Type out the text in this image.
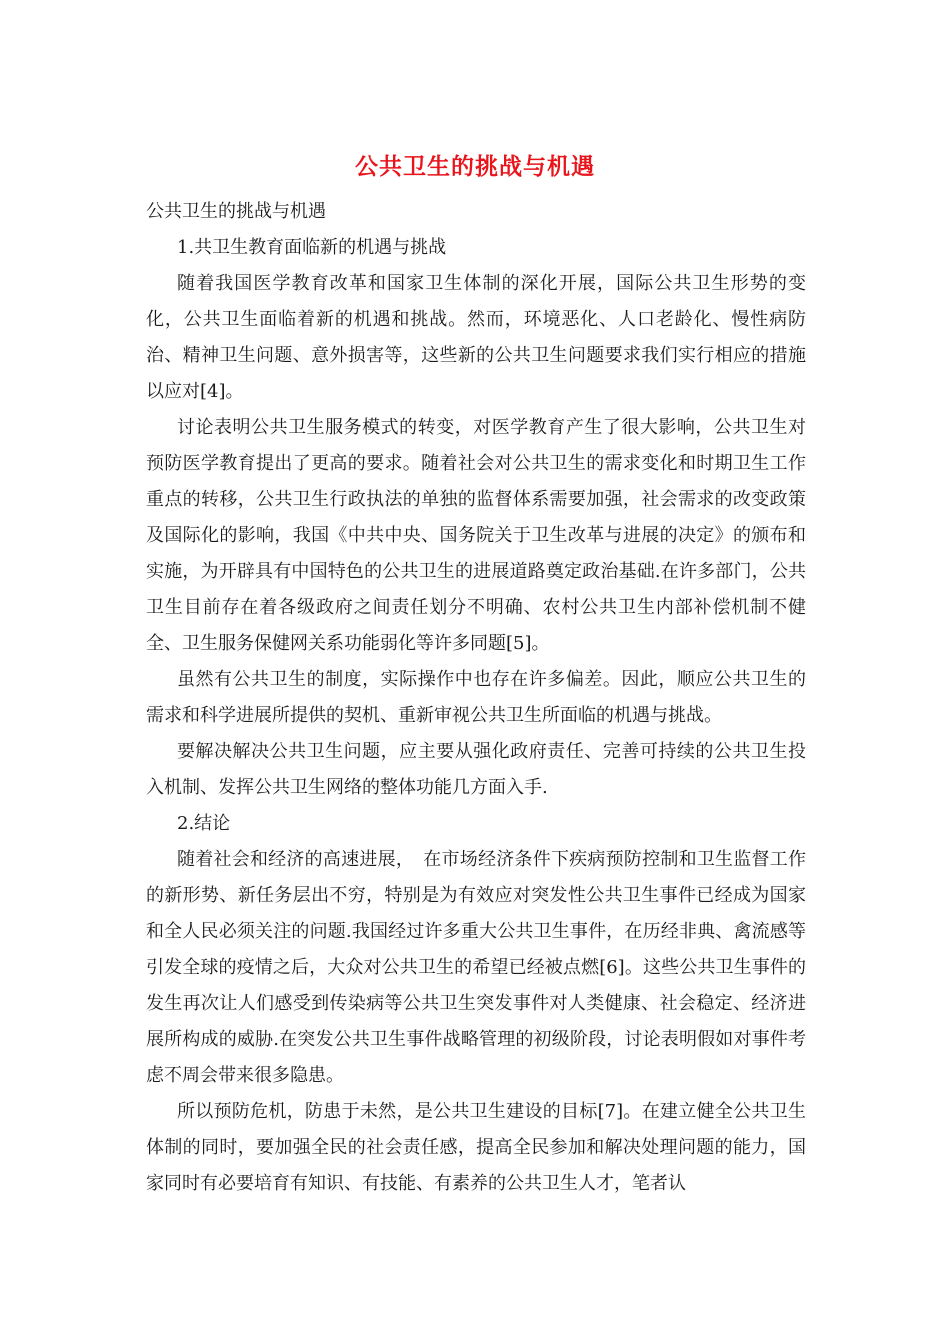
公共卫生的挑战与机遇

公共卫生的挑战与机遇

1.共卫生教育面临新的机遇与挑战

随着我国医学教育改革和国家卫生体制的深化开展，国际公共卫生形势的变化，公共卫生面临着新的机遇和挑战。然而，环境恶化、人口老龄化、慢性病防治、精神卫生问题、意外损害等，这些新的公共卫生问题要求我们实行相应的措施以应对[4]。

讨论表明公共卫生服务模式的转变，对医学教育产生了很大影响，公共卫生对预防医学教育提出了更高的要求。随着社会对公共卫生的需求变化和时期卫生工作重点的转移，公共卫生行政执法的单独的监督体系需要加强，社会需求的改变政策及国际化的影响，我国《中共中央、国务院关于卫生改革与进展的决定》的颁布和实施，为开辟具有中国特色的公共卫生的进展道路奠定政治基础.在许多部门，公共卫生目前存在着各级政府之间责任划分不明确、农村公共卫生内部补偿机制不健全、卫生服务保健网关系功能弱化等许多同题[5]。

虽然有公共卫生的制度，实际操作中也存在许多偏差。因此，顺应公共卫生的需求和科学进展所提供的契机、重新审视公共卫生所面临的机遇与挑战。

要解决解决公共卫生问题，应主要从强化政府责任、完善可持续的公共卫生投入机制、发挥公共卫生网络的整体功能几方面入手.

2.结论

随着社会和经济的高速进展，　在市场经济条件下疾病预防控制和卫生监督工作的新形势、新任务层出不穷，特别是为有效应对突发性公共卫生事件已经成为国家和全人民必须关注的问题.我国经过许多重大公共卫生事件，在历经非典、禽流感等引发全球的疫情之后，大众对公共卫生的希望已经被点燃[6]。这些公共卫生事件的发生再次让人们感受到传染病等公共卫生突发事件对人类健康、社会稳定、经济进展所构成的威胁.在突发公共卫生事件战略管理的初级阶段，讨论表明假如对事件考虑不周会带来很多隐患。

所以预防危机，防患于未然，是公共卫生建设的目标[7]。在建立健全公共卫生体制的同时，要加强全民的社会责任感，提高全民参加和解决处理问题的能力，国家同时有必要培育有知识、有技能、有素养的公共卫生人才，笔者认
